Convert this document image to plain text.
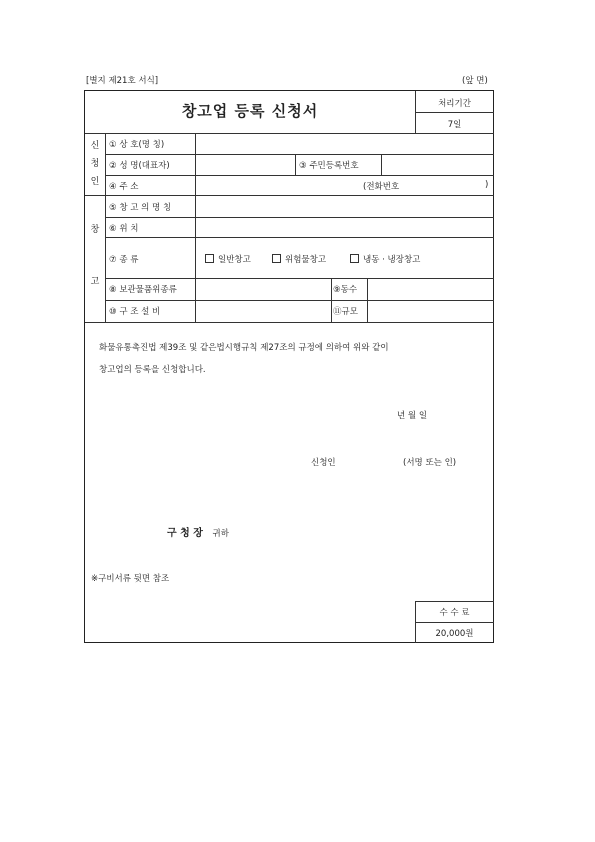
[별지 제21호 서식]	(앞 면)
창고업 등록 신청서	처리기간
7일
신
청
인
창
고
① 상 호(명 칭)
② 성 명(대표자)	③ 주민등록번호
④ 주 소	(전화번호	)
⑤ 창 고 의 명 칭
⑥ 위 치
⑦ 종 류	일반창고	위험물창고	냉동 · 냉장창고
⑧ 보관물품위종류	⑨동수
⑩ 구 조 설 비	⑪규모
화물유통촉진법 제39조 및 같은법시행규칙 제27조의 규정에 의하여 위와 같이
창고업의 등록을 신청합니다.
년 월 일
신청인	(서명 또는 인)
구 청 장 귀하
※구비서류 뒷면 참조
수 수 료
20,000원
